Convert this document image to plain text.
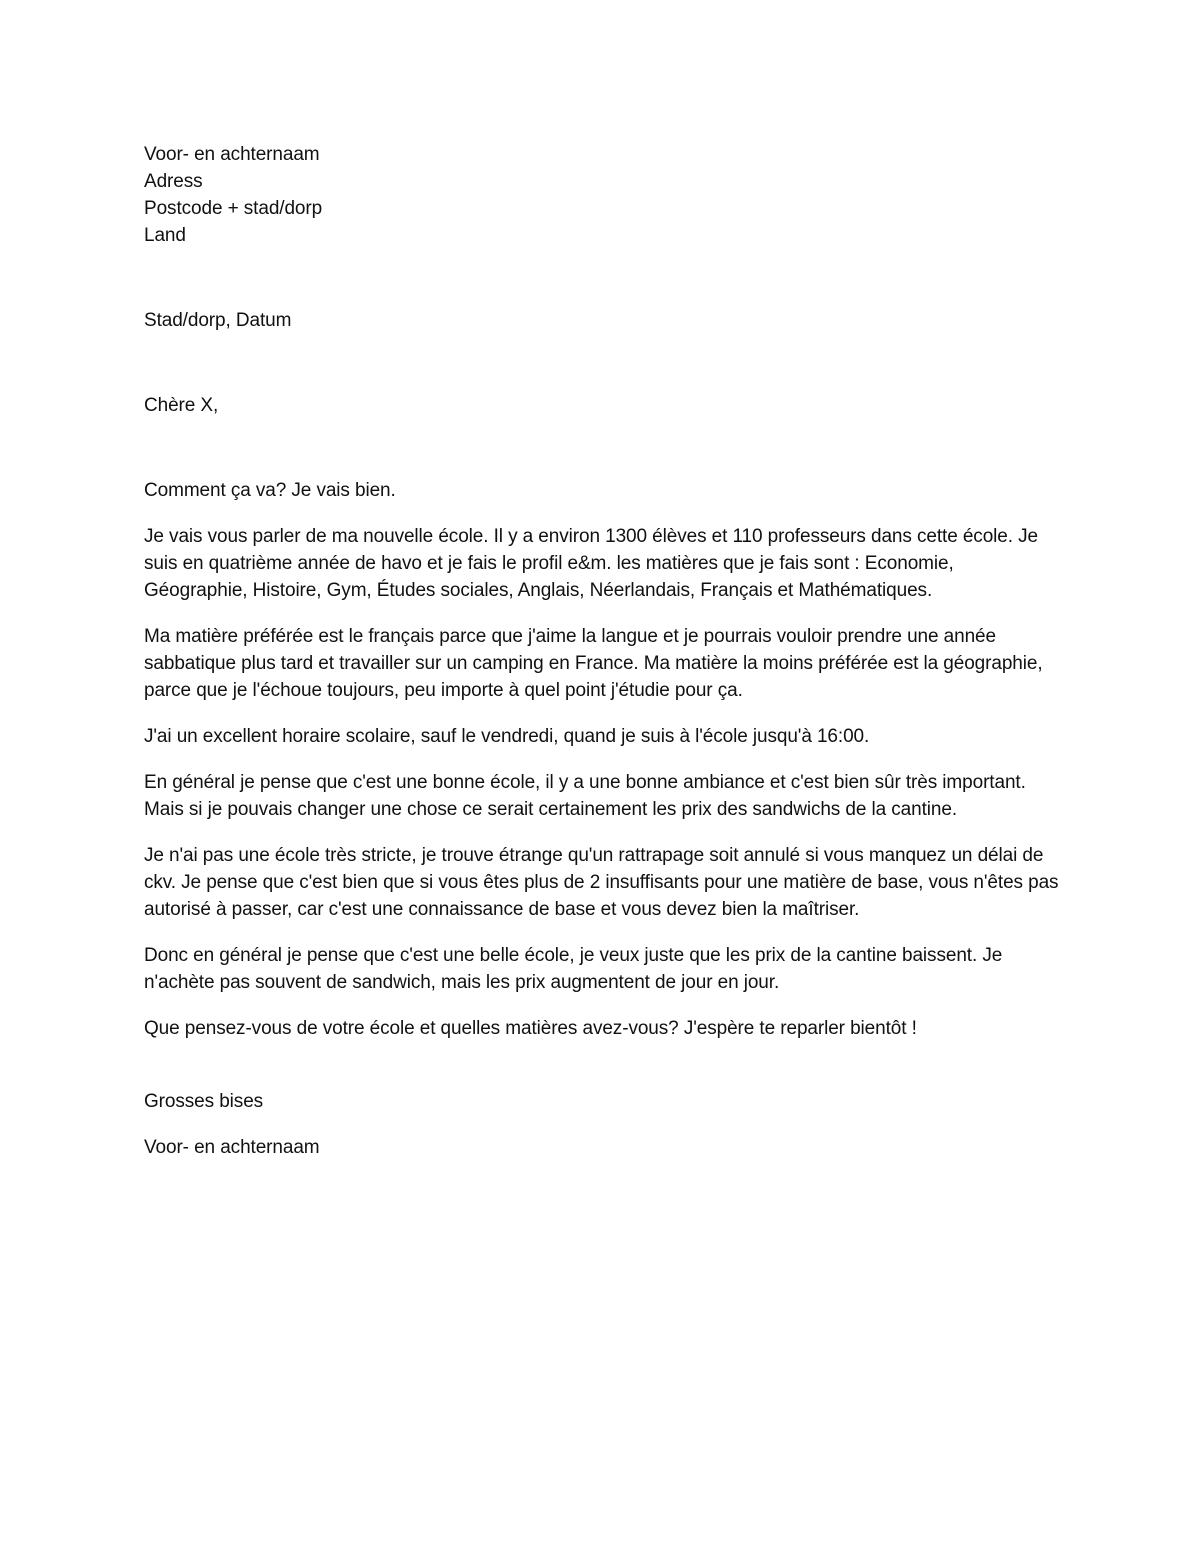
Voor- en achternaam
Adress
Postcode + stad/dorp
Land
Stad/dorp, Datum
Chère X,

Comment ça va? Je vais bien.

Je vais vous parler de ma nouvelle école. Il y a environ 1300 élèves et 110 professeurs dans cette école. Je suis en quatrième année de havo et je fais le profil e&m. les matières que je fais sont : Economie, Géographie, Histoire, Gym, Études sociales, Anglais, Néerlandais, Français et Mathématiques.

Ma matière préférée est le français parce que j'aime la langue et je pourrais vouloir prendre une année sabbatique plus tard et travailler sur un camping en France. Ma matière la moins préférée est la géographie, parce que je l'échoue toujours, peu importe à quel point j'étudie pour ça.

J'ai un excellent horaire scolaire, sauf le vendredi, quand je suis à l'école jusqu'à 16:00.

En général je pense que c'est une bonne école, il y a une bonne ambiance et c'est bien sûr très important. Mais si je pouvais changer une chose ce serait certainement les prix des sandwichs de la cantine.

Je n'ai pas une école très stricte, je trouve étrange qu'un rattrapage soit annulé si vous manquez un délai de ckv. Je pense que c'est bien que si vous êtes plus de 2 insuffisants pour une matière de base, vous n'êtes pas autorisé à passer, car c'est une connaissance de base et vous devez bien la maîtriser.

Donc en général je pense que c'est une belle école, je veux juste que les prix de la cantine baissent. Je n'achète pas souvent de sandwich, mais les prix augmentent de jour en jour.

Que pensez-vous de votre école et quelles matières avez-vous? J'espère te reparler bientôt !

Grosses bises
Voor- en achternaam
